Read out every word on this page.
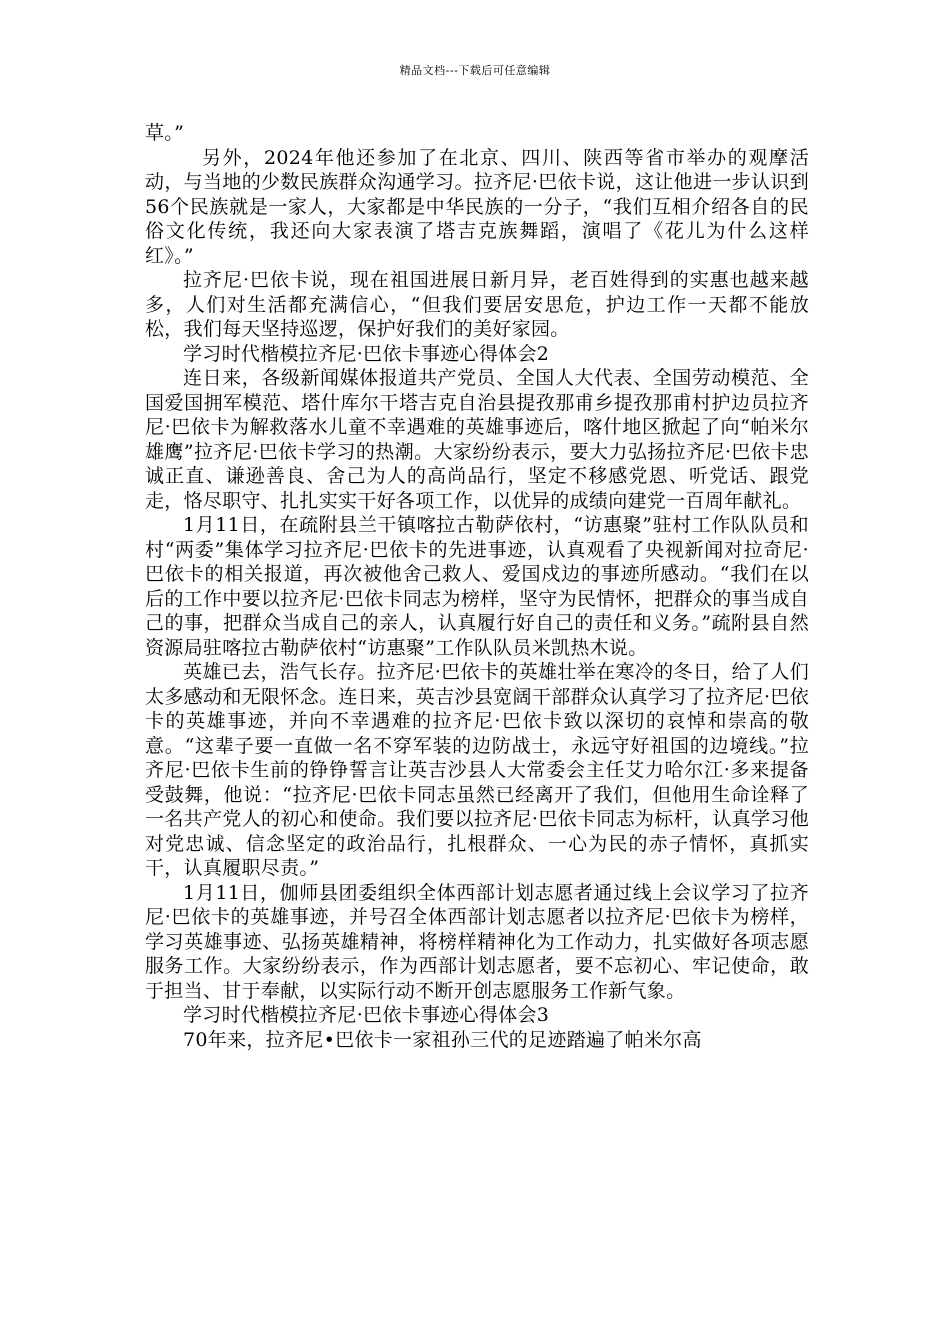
精品文档---下载后可任意编辑

草。”

另外，2024年他还参加了在北京、四川、陕西等省市举办的观摩活动，与当地的少数民族群众沟通学习。拉齐尼·巴依卡说，这让他进一步认识到56个民族就是一家人，大家都是中华民族的一分子，“我们互相介绍各自的民俗文化传统，我还向大家表演了塔吉克族舞蹈，演唱了《花儿为什么这样红》。”

拉齐尼·巴依卡说，现在祖国进展日新月异，老百姓得到的实惠也越来越多，人们对生活都充满信心，“但我们要居安思危，护边工作一天都不能放松，我们每天坚持巡逻，保护好我们的美好家园。

学习时代楷模拉齐尼·巴依卡事迹心得体会2

连日来，各级新闻媒体报道共产党员、全国人大代表、全国劳动模范、全国爱国拥军模范、塔什库尔干塔吉克自治县提孜那甫乡提孜那甫村护边员拉齐尼·巴依卡为解救落水儿童不幸遇难的英雄事迹后，喀什地区掀起了向“帕米尔雄鹰”拉齐尼·巴依卡学习的热潮。大家纷纷表示，要大力弘扬拉齐尼·巴依卡忠诚正直、谦逊善良、舍己为人的高尚品行，坚定不移感党恩、听党话、跟党走，恪尽职守、扎扎实实干好各项工作，以优异的成绩向建党一百周年献礼。

1月11日，在疏附县兰干镇喀拉古勒萨依村，“访惠聚”驻村工作队队员和村“两委”集体学习拉齐尼·巴依卡的先进事迹，认真观看了央视新闻对拉奇尼·巴依卡的相关报道，再次被他舍己救人、爱国戍边的事迹所感动。“我们在以后的工作中要以拉齐尼·巴依卡同志为榜样，坚守为民情怀，把群众的事当成自己的事，把群众当成自己的亲人，认真履行好自己的责任和义务。”疏附县自然资源局驻喀拉古勒萨依村“访惠聚”工作队队员米凯热木说。

英雄已去，浩气长存。拉齐尼·巴依卡的英雄壮举在寒冷的冬日，给了人们太多感动和无限怀念。连日来，英吉沙县宽阔干部群众认真学习了拉齐尼·巴依卡的英雄事迹，并向不幸遇难的拉齐尼·巴依卡致以深切的哀悼和崇高的敬意。“这辈子要一直做一名不穿军装的边防战士，永远守好祖国的边境线。”拉齐尼·巴依卡生前的铮铮誓言让英吉沙县人大常委会主任艾力哈尔江·多来提备受鼓舞，他说：“拉齐尼·巴依卡同志虽然已经离开了我们，但他用生命诠释了一名共产党人的初心和使命。我们要以拉齐尼·巴依卡同志为标杆，认真学习他对党忠诚、信念坚定的政治品行，扎根群众、一心为民的赤子情怀，真抓实干，认真履职尽责。”

1月11日，伽师县团委组织全体西部计划志愿者通过线上会议学习了拉齐尼·巴依卡的英雄事迹，并号召全体西部计划志愿者以拉齐尼·巴依卡为榜样，学习英雄事迹、弘扬英雄精神，将榜样精神化为工作动力，扎实做好各项志愿服务工作。大家纷纷表示，作为西部计划志愿者，要不忘初心、牢记使命，敢于担当、甘于奉献，以实际行动不断开创志愿服务工作新气象。

学习时代楷模拉齐尼·巴依卡事迹心得体会3

70年来，拉齐尼•巴依卡一家祖孙三代的足迹踏遍了帕米尔高
